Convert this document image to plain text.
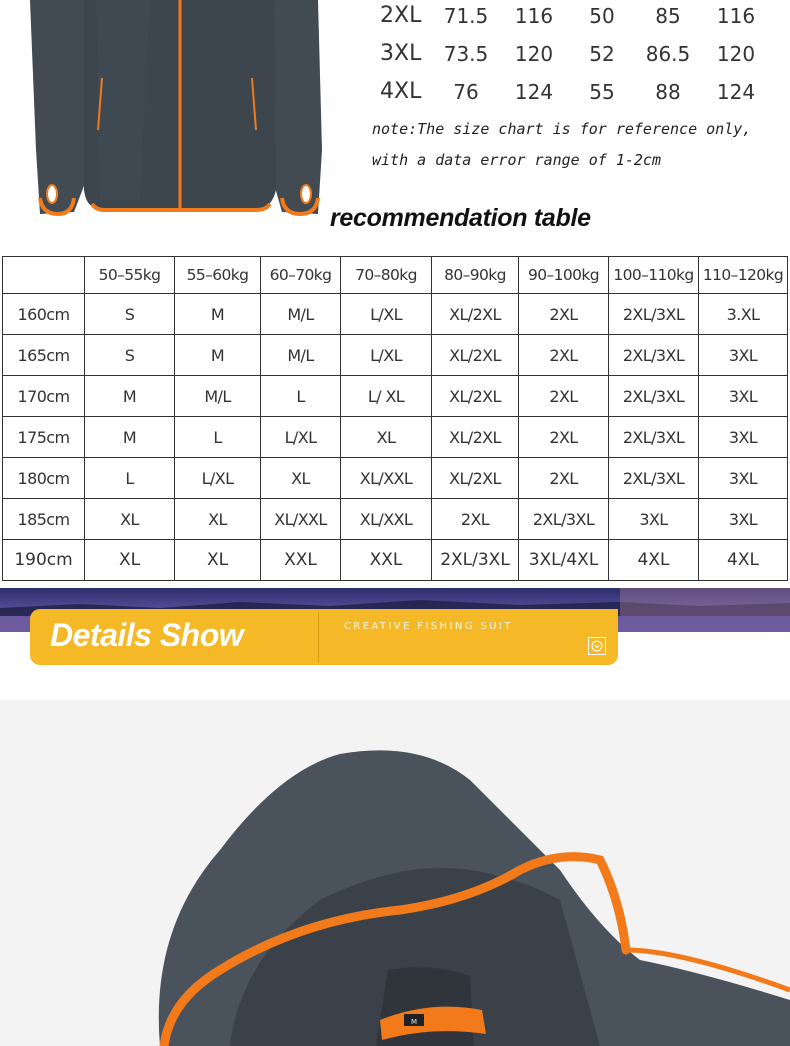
2XL	71.5	116	50	85	116
3XL	73.5	120	52	86.5	120
4XL	76	124	55	88	124
note:The size chart is for reference only,
with a data error range of 1-2cm
recommendation table
	50–55kg	55–60kg	60–70kg	70–80kg	80–90kg	90–100kg	100–110kg	110–120kg
160cm	S	M	M/L	L/XL	XL/2XL	2XL	2XL/3XL	3.XL
165cm	S	M	M/L	L/XL	XL/2XL	2XL	2XL/3XL	3XL
170cm	M	M/L	L	L/ XL	XL/2XL	2XL	2XL/3XL	3XL
175cm	M	L	L/XL	XL	XL/2XL	2XL	2XL/3XL	3XL
180cm	L	L/XL	XL	XL/XXL	XL/2XL	2XL	2XL/3XL	3XL
185cm	XL	XL	XL/XXL	XL/XXL	2XL	2XL/3XL	3XL	3XL
190cm	XL	XL	XXL	XXL	2XL/3XL	3XL/4XL	4XL	4XL
Details Show	CREATIVE FISHING SUIT
M
